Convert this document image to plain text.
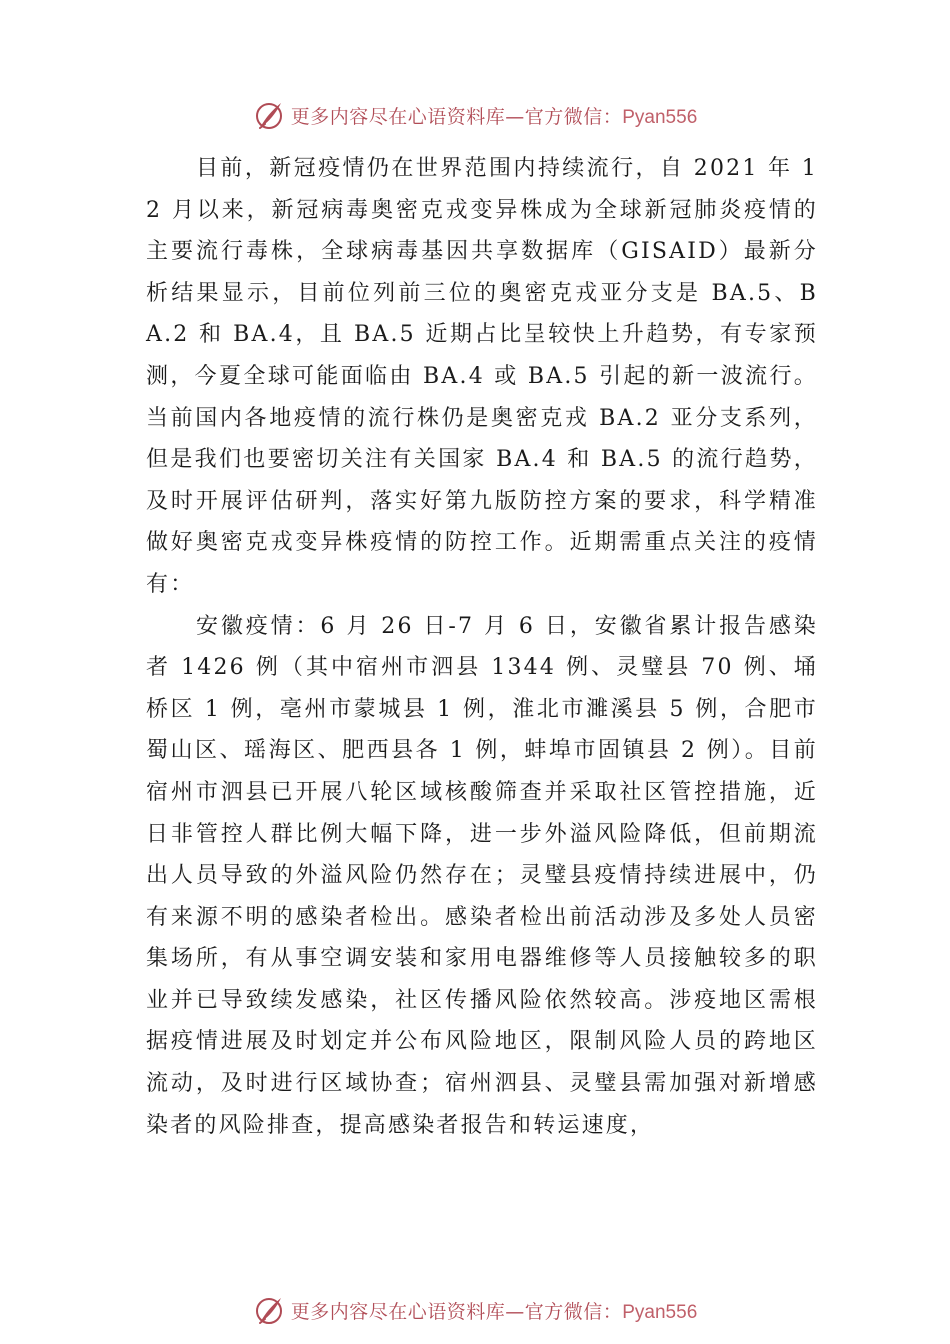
更多内容尽在心语资料库—官方微信：Pyan556

目前，新冠疫情仍在世界范围内持续流行，自 2021 年 12 月以来，新冠病毒奥密克戎变异株成为全球新冠肺炎疫情的主要流行毒株，全球病毒基因共享数据库（GISAID）最新分析结果显示，目前位列前三位的奥密克戎亚分支是 BA.5、BA.2 和 BA.4，且 BA.5 近期占比呈较快上升趋势，有专家预测，今夏全球可能面临由 BA.4 或 BA.5 引起的新一波流行。当前国内各地疫情的流行株仍是奥密克戎 BA.2 亚分支系列，但是我们也要密切关注有关国家 BA.4 和 BA.5 的流行趋势，及时开展评估研判，落实好第九版防控方案的要求，科学精准做好奥密克戎变异株疫情的防控工作。近期需重点关注的疫情有：

安徽疫情：6 月 26 日-7 月 6 日，安徽省累计报告感染者 1426 例（其中宿州市泗县 1344 例、灵璧县 70 例、埇桥区 1 例，亳州市蒙城县 1 例，淮北市濉溪县 5 例，合肥市蜀山区、瑶海区、肥西县各 1 例，蚌埠市固镇县 2 例）。目前宿州市泗县已开展八轮区域核酸筛查并采取社区管控措施，近日非管控人群比例大幅下降，进一步外溢风险降低，但前期流出人员导致的外溢风险仍然存在；灵璧县疫情持续进展中，仍有来源不明的感染者检出。感染者检出前活动涉及多处人员密集场所，有从事空调安装和家用电器维修等人员接触较多的职业并已导致续发感染，社区传播风险依然较高。涉疫地区需根据疫情进展及时划定并公布风险地区，限制风险人员的跨地区流动，及时进行区域协查；宿州泗县、灵璧县需加强对新增感染者的风险排查，提高感染者报告和转运速度，

更多内容尽在心语资料库—官方微信：Pyan556
